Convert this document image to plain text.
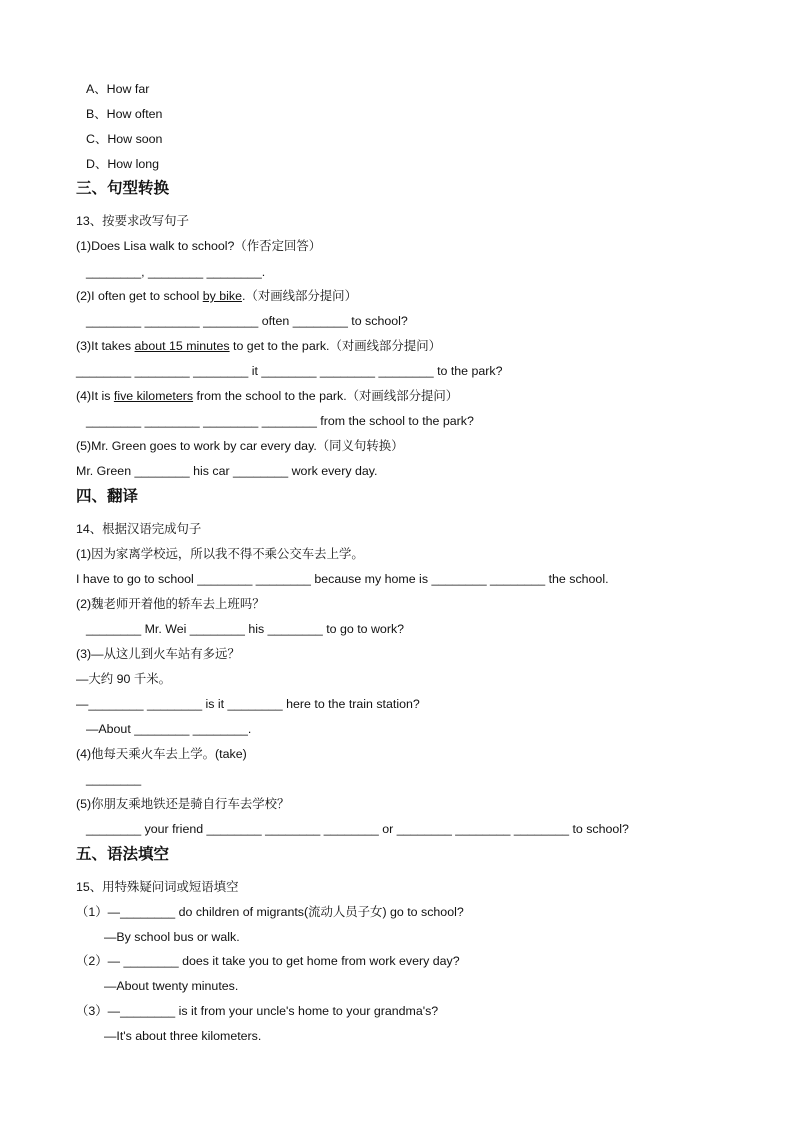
A、How far
B、How often
C、How soon
D、How long
三、句型转换
13、按要求改写句子
(1)Does Lisa walk to school?（作否定回答）
________, ________ ________.
(2)I often get to school by bike.（对画线部分提问）
________ ________ ________ often ________ to school?
(3)It takes about 15 minutes to get to the park.（对画线部分提问）
________ ________ ________ it ________ ________ ________ to the park?
(4)It is five kilometers from the school to the park.（对画线部分提问）
________ ________ ________ ________ from the school to the park?
(5)Mr. Green goes to work by car every day.（同义句转换）
Mr. Green ________ his car ________ work every day.
四、翻译
14、根据汉语完成句子
(1)因为家离学校远，所以我不得不乘公交车去上学。
I have to go to school ________ ________ because my home is ________ ________ the school.
(2)魏老师开着他的轿车去上班吗？
________ Mr. Wei ________ his ________ to go to work?
(3)—从这儿到火车站有多远？
—大约 90 千米。
—________ ________ is it ________ here to the train station?
—About ________ ________.
(4)他每天乘火车去上学。(take)
________
(5)你朋友乘地铁还是骑自行车去学校？
________ your friend ________ ________ ________ or ________ ________ ________ to school?
五、语法填空
15、用特殊疑问词或短语填空
（1）—________ do children of migrants(流动人员子女) go to school?
—By school bus or walk.
（2）— ________ does it take you to get home from work every day?
—About twenty minutes.
（3）—________ is it from your uncle's home to your grandma's?
—It's about three kilometers.
